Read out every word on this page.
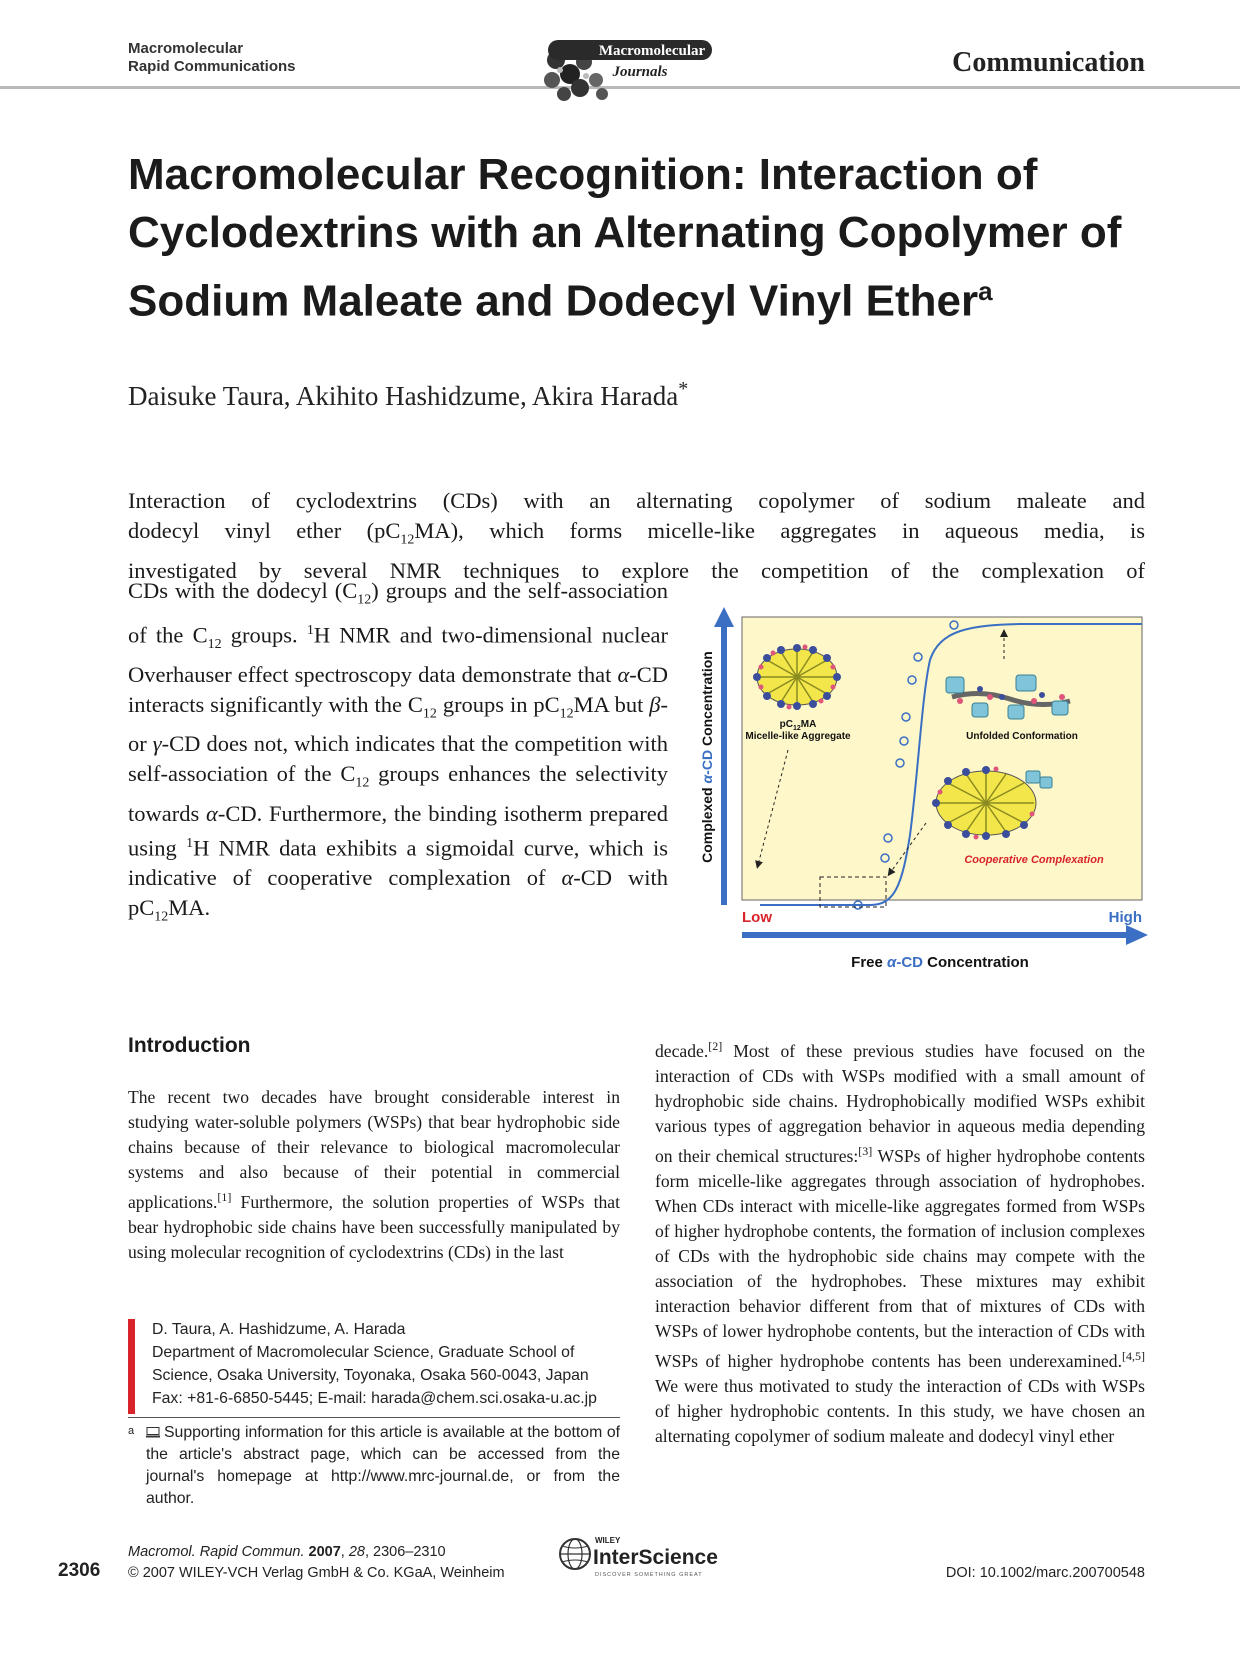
Macromolecular
Rapid Communications
Macromolecular
Journals	Communication
Macromolecular Recognition: Interaction of Cyclodextrins with an Alternating Copolymer of Sodium Maleate and Dodecyl Vinyl Ether$^a$
Daisuke Taura, Akihito Hashidzume, Akira Harada*
Interaction of cyclodextrins (CDs) with an alternating copolymer of sodium maleate and
dodecyl vinyl ether $(pC_{12}MA)$, which forms micelle-like aggregates in aqueous media, is
investigated by several NMR techniques to explore the competition of the complexation of
CDs with the dodecyl $(C_{12})$ groups and the self-association of the $C_{12}$ groups. $^1$H NMR and two-dimensional nuclear Overhauser effect spectroscopy data demonstrate that α-CD interacts significantly with the $C_{12}$ groups in $pC_{12}MA$ but β- or γ-CD does not, which indicates that the competition with self-association of the $C_{12}$ groups enhances the selectivity towards α-CD. Furthermore, the binding isotherm prepared using $^1$H NMR data exhibits a sigmoidal curve, which is indicative of cooperative complexation of α-CD with $pC_{12}MA$.
Complexed α-CD Concentration
Free α-CD Concentration
Low	High
$pC_{12}MA$
Micelle-like Aggregate	Unfolded Conformation
Cooperative Complexation
Introduction
The recent two decades have brought considerable interest in studying water-soluble polymers (WSPs) that bear hydrophobic side chains because of their relevance to biological macromolecular systems and also because of their potential in commercial applications.[1] Furthermore, the solution properties of WSPs that bear hydrophobic side chains have been successfully manipulated by using molecular recognition of cyclodextrins (CDs) in the last
decade.[2] Most of these previous studies have focused on the interaction of CDs with WSPs modified with a small amount of hydrophobic side chains. Hydrophobically modified WSPs exhibit various types of aggregation behavior in aqueous media depending on their chemical structures:[3] WSPs of higher hydrophobe contents form micelle-like aggregates through association of hydrophobes. When CDs interact with micelle-like aggregates formed from WSPs of higher hydrophobe contents, the formation of inclusion complexes of CDs with the hydrophobic side chains may compete with the association of the hydrophobes. These mixtures may exhibit interaction behavior different from that of mixtures of CDs with WSPs of lower hydrophobe contents, but the interaction of CDs with WSPs of higher hydrophobe contents has been underexamined.[4,5] We were thus motivated to study the interaction of CDs with WSPs of higher hydrophobic contents. In this study, we have chosen an alternating copolymer of sodium maleate and dodecyl vinyl ether
D. Taura, A. Hashidzume, A. Harada
Department of Macromolecular Science, Graduate School of
Science, Osaka University, Toyonaka, Osaka 560-0043, Japan
Fax: +81-6-6850-5445; E-mail: harada@chem.sci.osaka-u.ac.jp
a	Supporting information for this article is available at the bottom of the article's abstract page, which can be accessed from the journal's homepage at http://www.mrc-journal.de, or from the author.
2306
Macromol. Rapid Commun. 2007, 28, 2306–2310
© 2007 WILEY-VCH Verlag GmbH & Co. KGaA, Weinheim
WILEY
InterScience
DISCOVER SOMETHING GREAT	DOI: 10.1002/marc.200700548
